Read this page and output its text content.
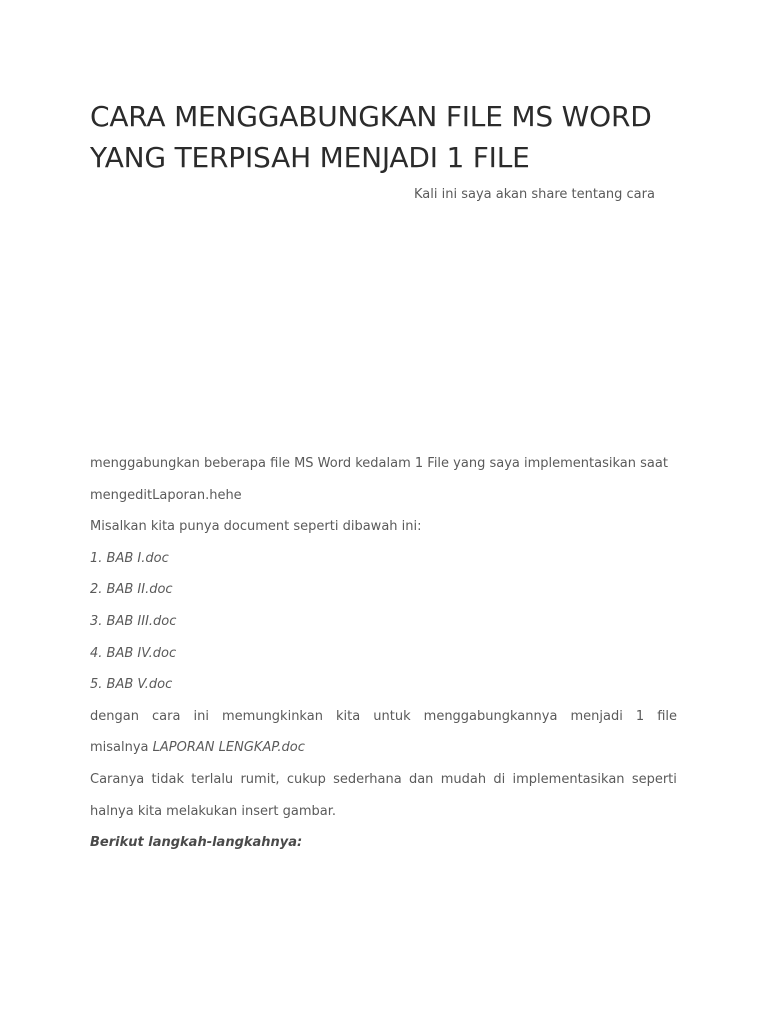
CARA MENGGABUNGKAN FILE MS WORD
YANG TERPISAH MENJADI 1 FILE
Kali ini saya akan share tentang cara
menggabungkan beberapa file MS Word kedalam 1 File yang saya implementasikan saat
mengeditLaporan.hehe
Misalkan kita punya document seperti dibawah ini:
1. BAB I.doc
2. BAB II.doc
3. BAB III.doc
4. BAB IV.doc
5. BAB V.doc
dengan cara ini memungkinkan kita untuk menggabungkannya menjadi 1 file
misalnya LAPORAN LENGKAP.doc
Caranya tidak terlalu rumit, cukup sederhana dan mudah di implementasikan seperti
halnya kita melakukan insert gambar.
Berikut langkah-langkahnya:
